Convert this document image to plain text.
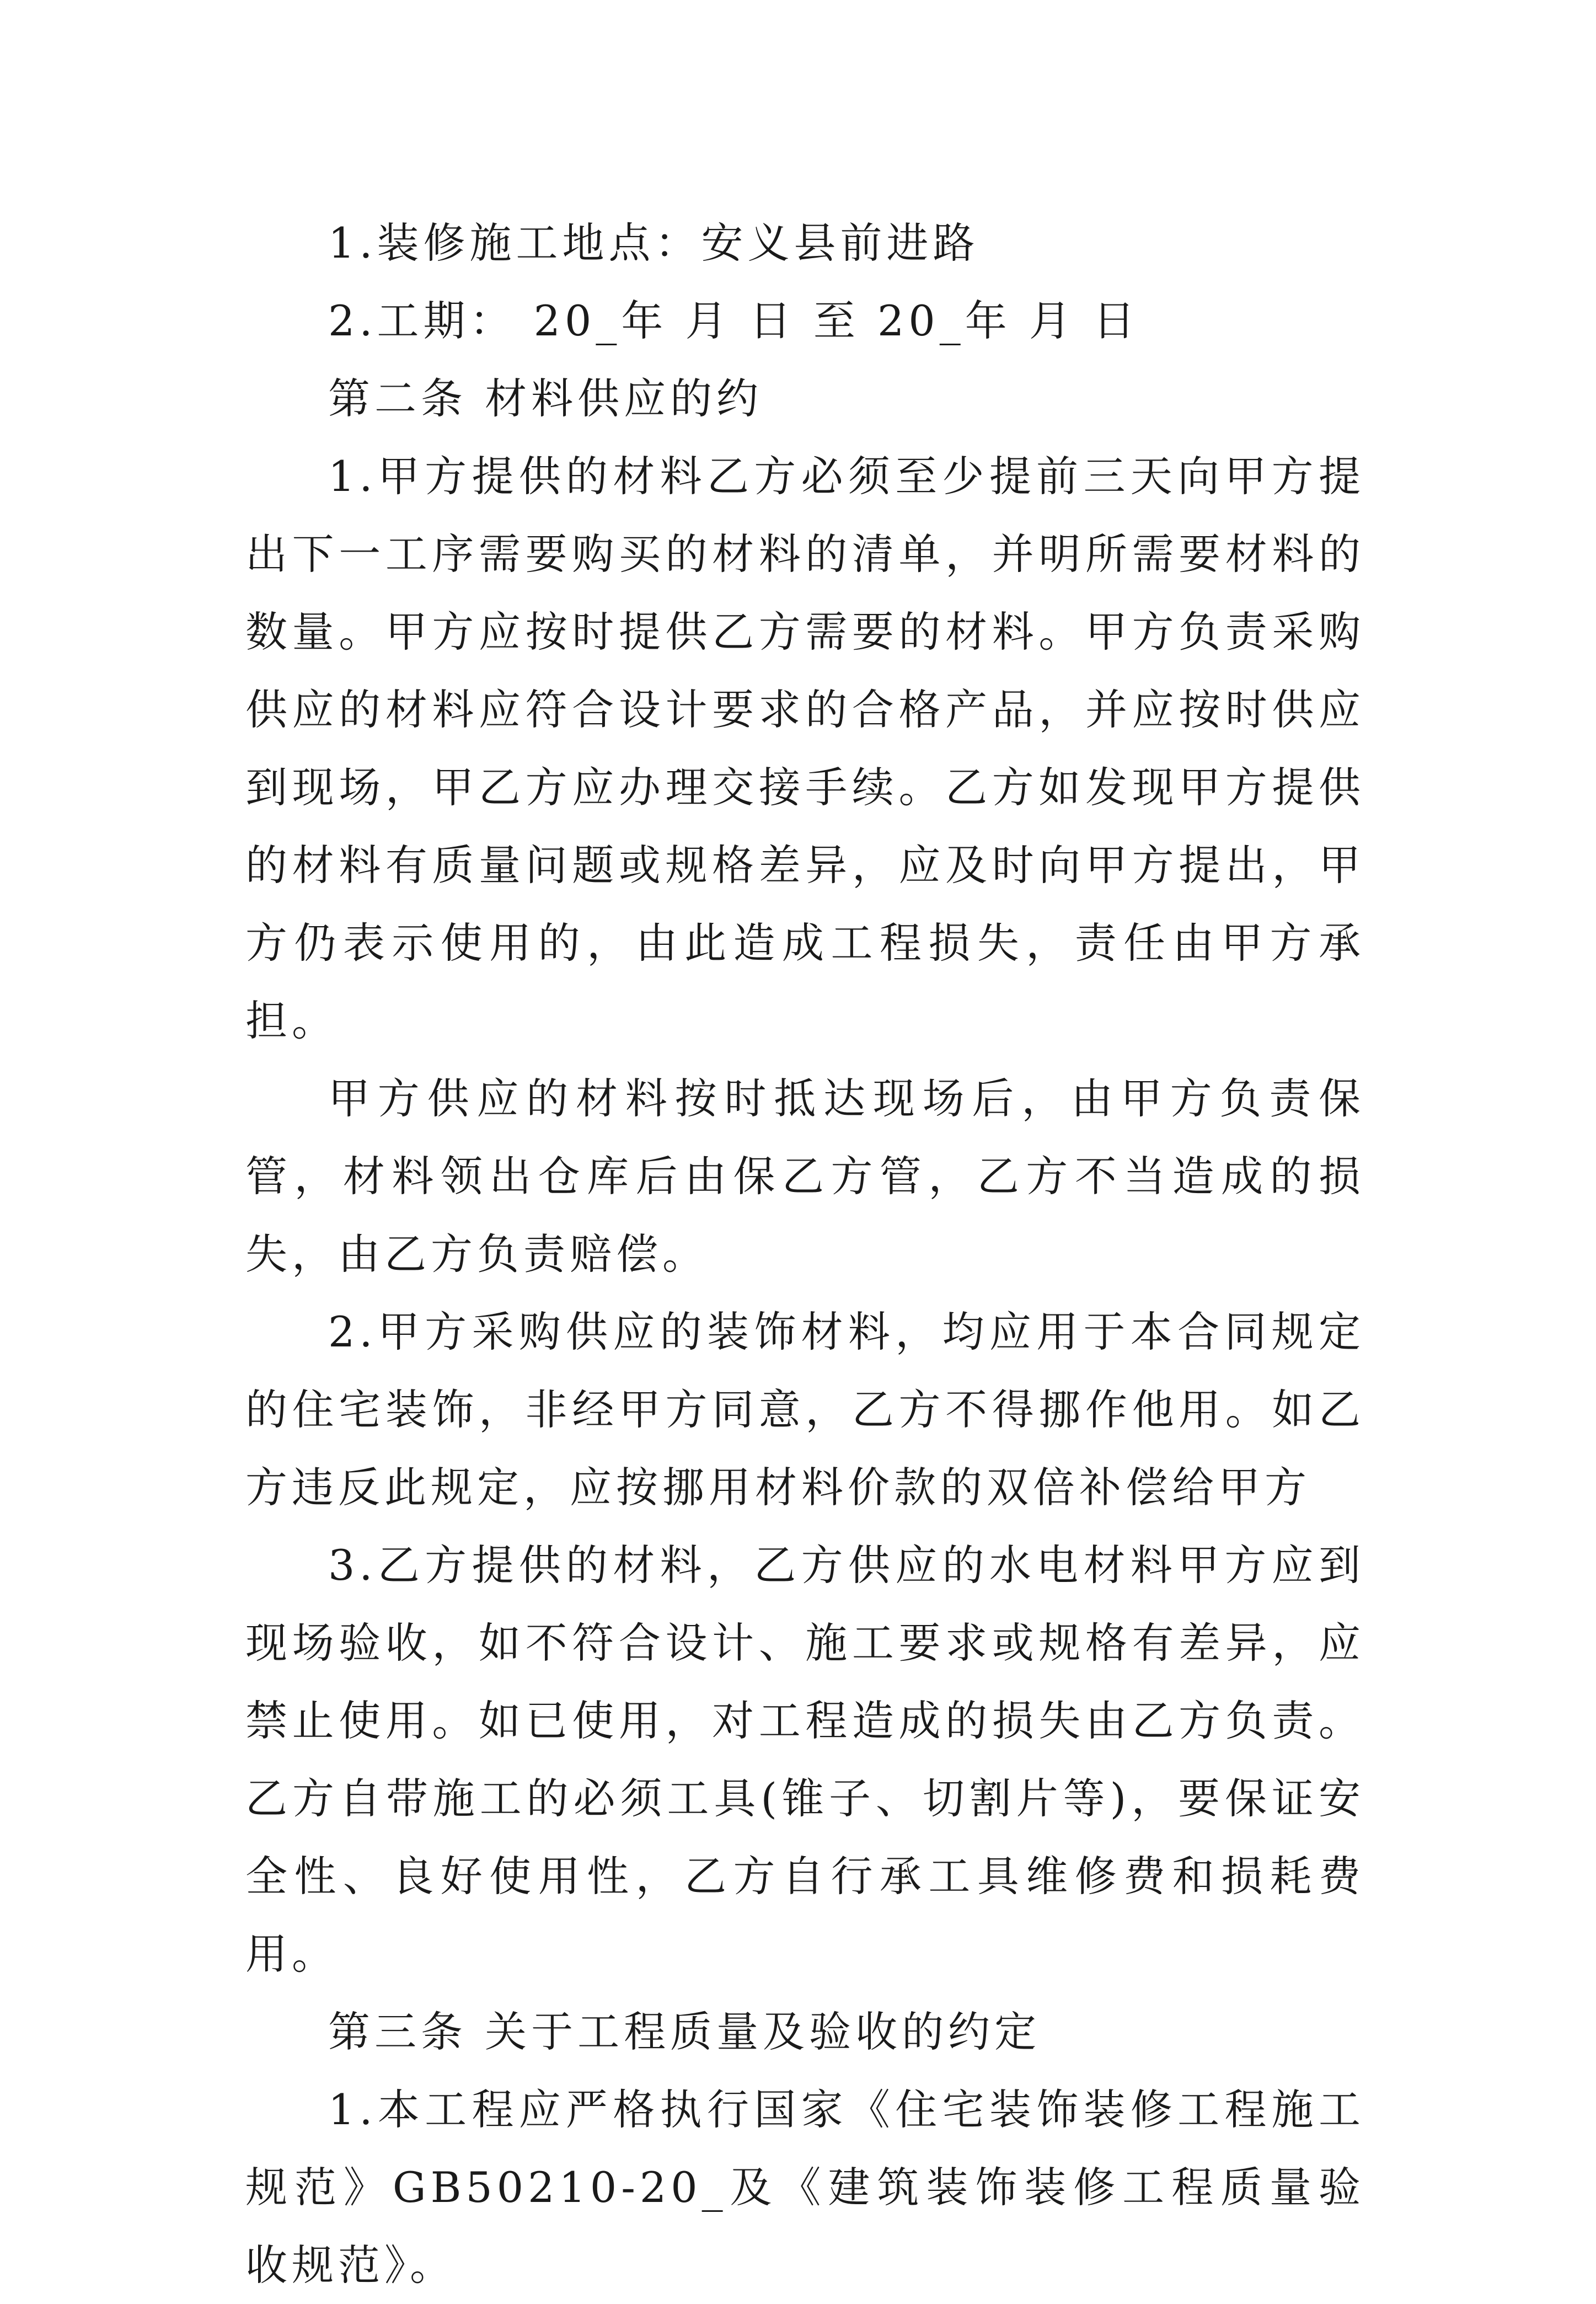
1.装修施工地点：安义县前进路

2.工期： 20_年 月 日 至 20_年 月 日

第二条 材料供应的约

1.甲方提供的材料乙方必须至少提前三天向甲方提出下一工序需要购买的材料的清单，并明所需要材料的数量。甲方应按时提供乙方需要的材料。甲方负责采购供应的材料应符合设计要求的合格产品，并应按时供应到现场，甲乙方应办理交接手续。乙方如发现甲方提供的材料有质量问题或规格差异，应及时向甲方提出，甲方仍表示使用的，由此造成工程损失，责任由甲方承担。

甲方供应的材料按时抵达现场后，由甲方负责保管，材料领出仓库后由保乙方管，乙方不当造成的损失，由乙方负责赔偿。

2.甲方采购供应的装饰材料，均应用于本合同规定的住宅装饰，非经甲方同意，乙方不得挪作他用。如乙方违反此规定，应按挪用材料价款的双倍补偿给甲方

3.乙方提供的材料，乙方供应的水电材料甲方应到现场验收，如不符合设计、施工要求或规格有差异，应禁止使用。如已使用，对工程造成的损失由乙方负责。乙方自带施工的必须工具(锥子、切割片等)，要保证安全性、良好使用性，乙方自行承工具维修费和损耗费用。

第三条 关于工程质量及验收的约定

1.本工程应严格执行国家《住宅装饰装修工程施工规范》GB50210-20_及《建筑装饰装修工程质量验收规范》。
